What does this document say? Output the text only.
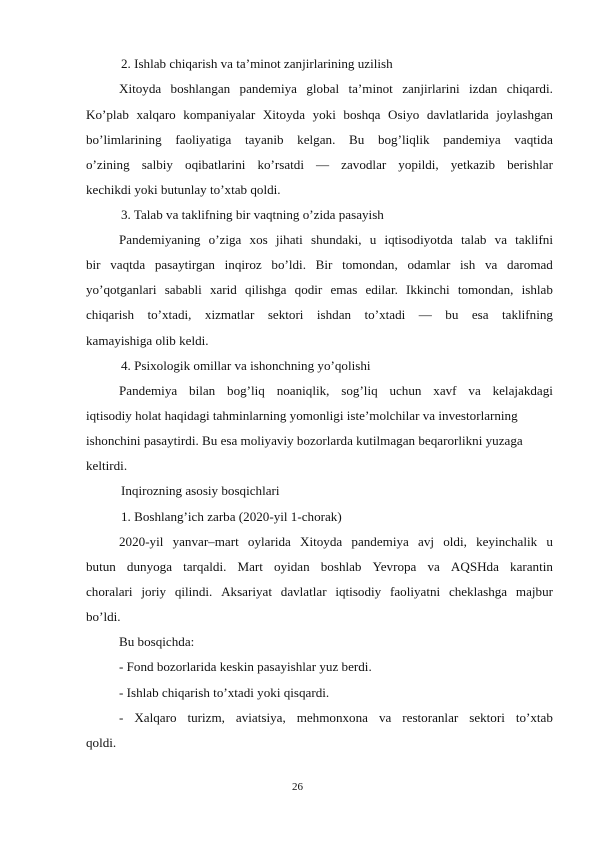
2. Ishlab chiqarish va ta’minot zanjirlarining uzilish
Xitoyda boshlangan pandemiya global ta’minot zanjirlarini izdan chiqardi.
Ko’plab xalqaro kompaniyalar Xitoyda yoki boshqa Osiyo davlatlarida joylashgan
bo’limlarining faoliyatiga tayanib kelgan. Bu bog’liqlik pandemiya vaqtida
o’zining salbiy oqibatlarini ko’rsatdi — zavodlar yopildi, yetkazib berishlar
kechikdi yoki butunlay to’xtab qoldi.
3. Talab va taklifning bir vaqtning o’zida pasayish
Pandemiyaning o’ziga xos jihati shundaki, u iqtisodiyotda talab va taklifni
bir vaqtda pasaytirgan inqiroz bo’ldi. Bir tomondan, odamlar ish va daromad
yo’qotganlari sababli xarid qilishga qodir emas edilar. Ikkinchi tomondan, ishlab
chiqarish to’xtadi, xizmatlar sektori ishdan to’xtadi — bu esa taklifning
kamayishiga olib keldi.
4. Psixologik omillar va ishonchning yo’qolishi
Pandemiya bilan bog’liq noaniqlik, sog’liq uchun xavf va kelajakdagi
iqtisodiy holat haqidagi tahminlarning yomonligi iste’molchilar va investorlarning
ishonchini pasaytirdi. Bu esa moliyaviy bozorlarda kutilmagan beqarorlikni yuzaga
keltirdi.
Inqirozning asosiy bosqichlari
1. Boshlang’ich zarba (2020-yil 1-chorak)
2020-yil yanvar–mart oylarida Xitoyda pandemiya avj oldi, keyinchalik u
butun dunyoga tarqaldi. Mart oyidan boshlab Yevropa va AQSHda karantin
choralari joriy qilindi. Aksariyat davlatlar iqtisodiy faoliyatni cheklashga majbur
bo’ldi.
Bu bosqichda:
- Fond bozorlarida keskin pasayishlar yuz berdi.
- Ishlab chiqarish to’xtadi yoki qisqardi.
- Xalqaro turizm, aviatsiya, mehmonxona va restoranlar sektori to’xtab
qoldi.
26
